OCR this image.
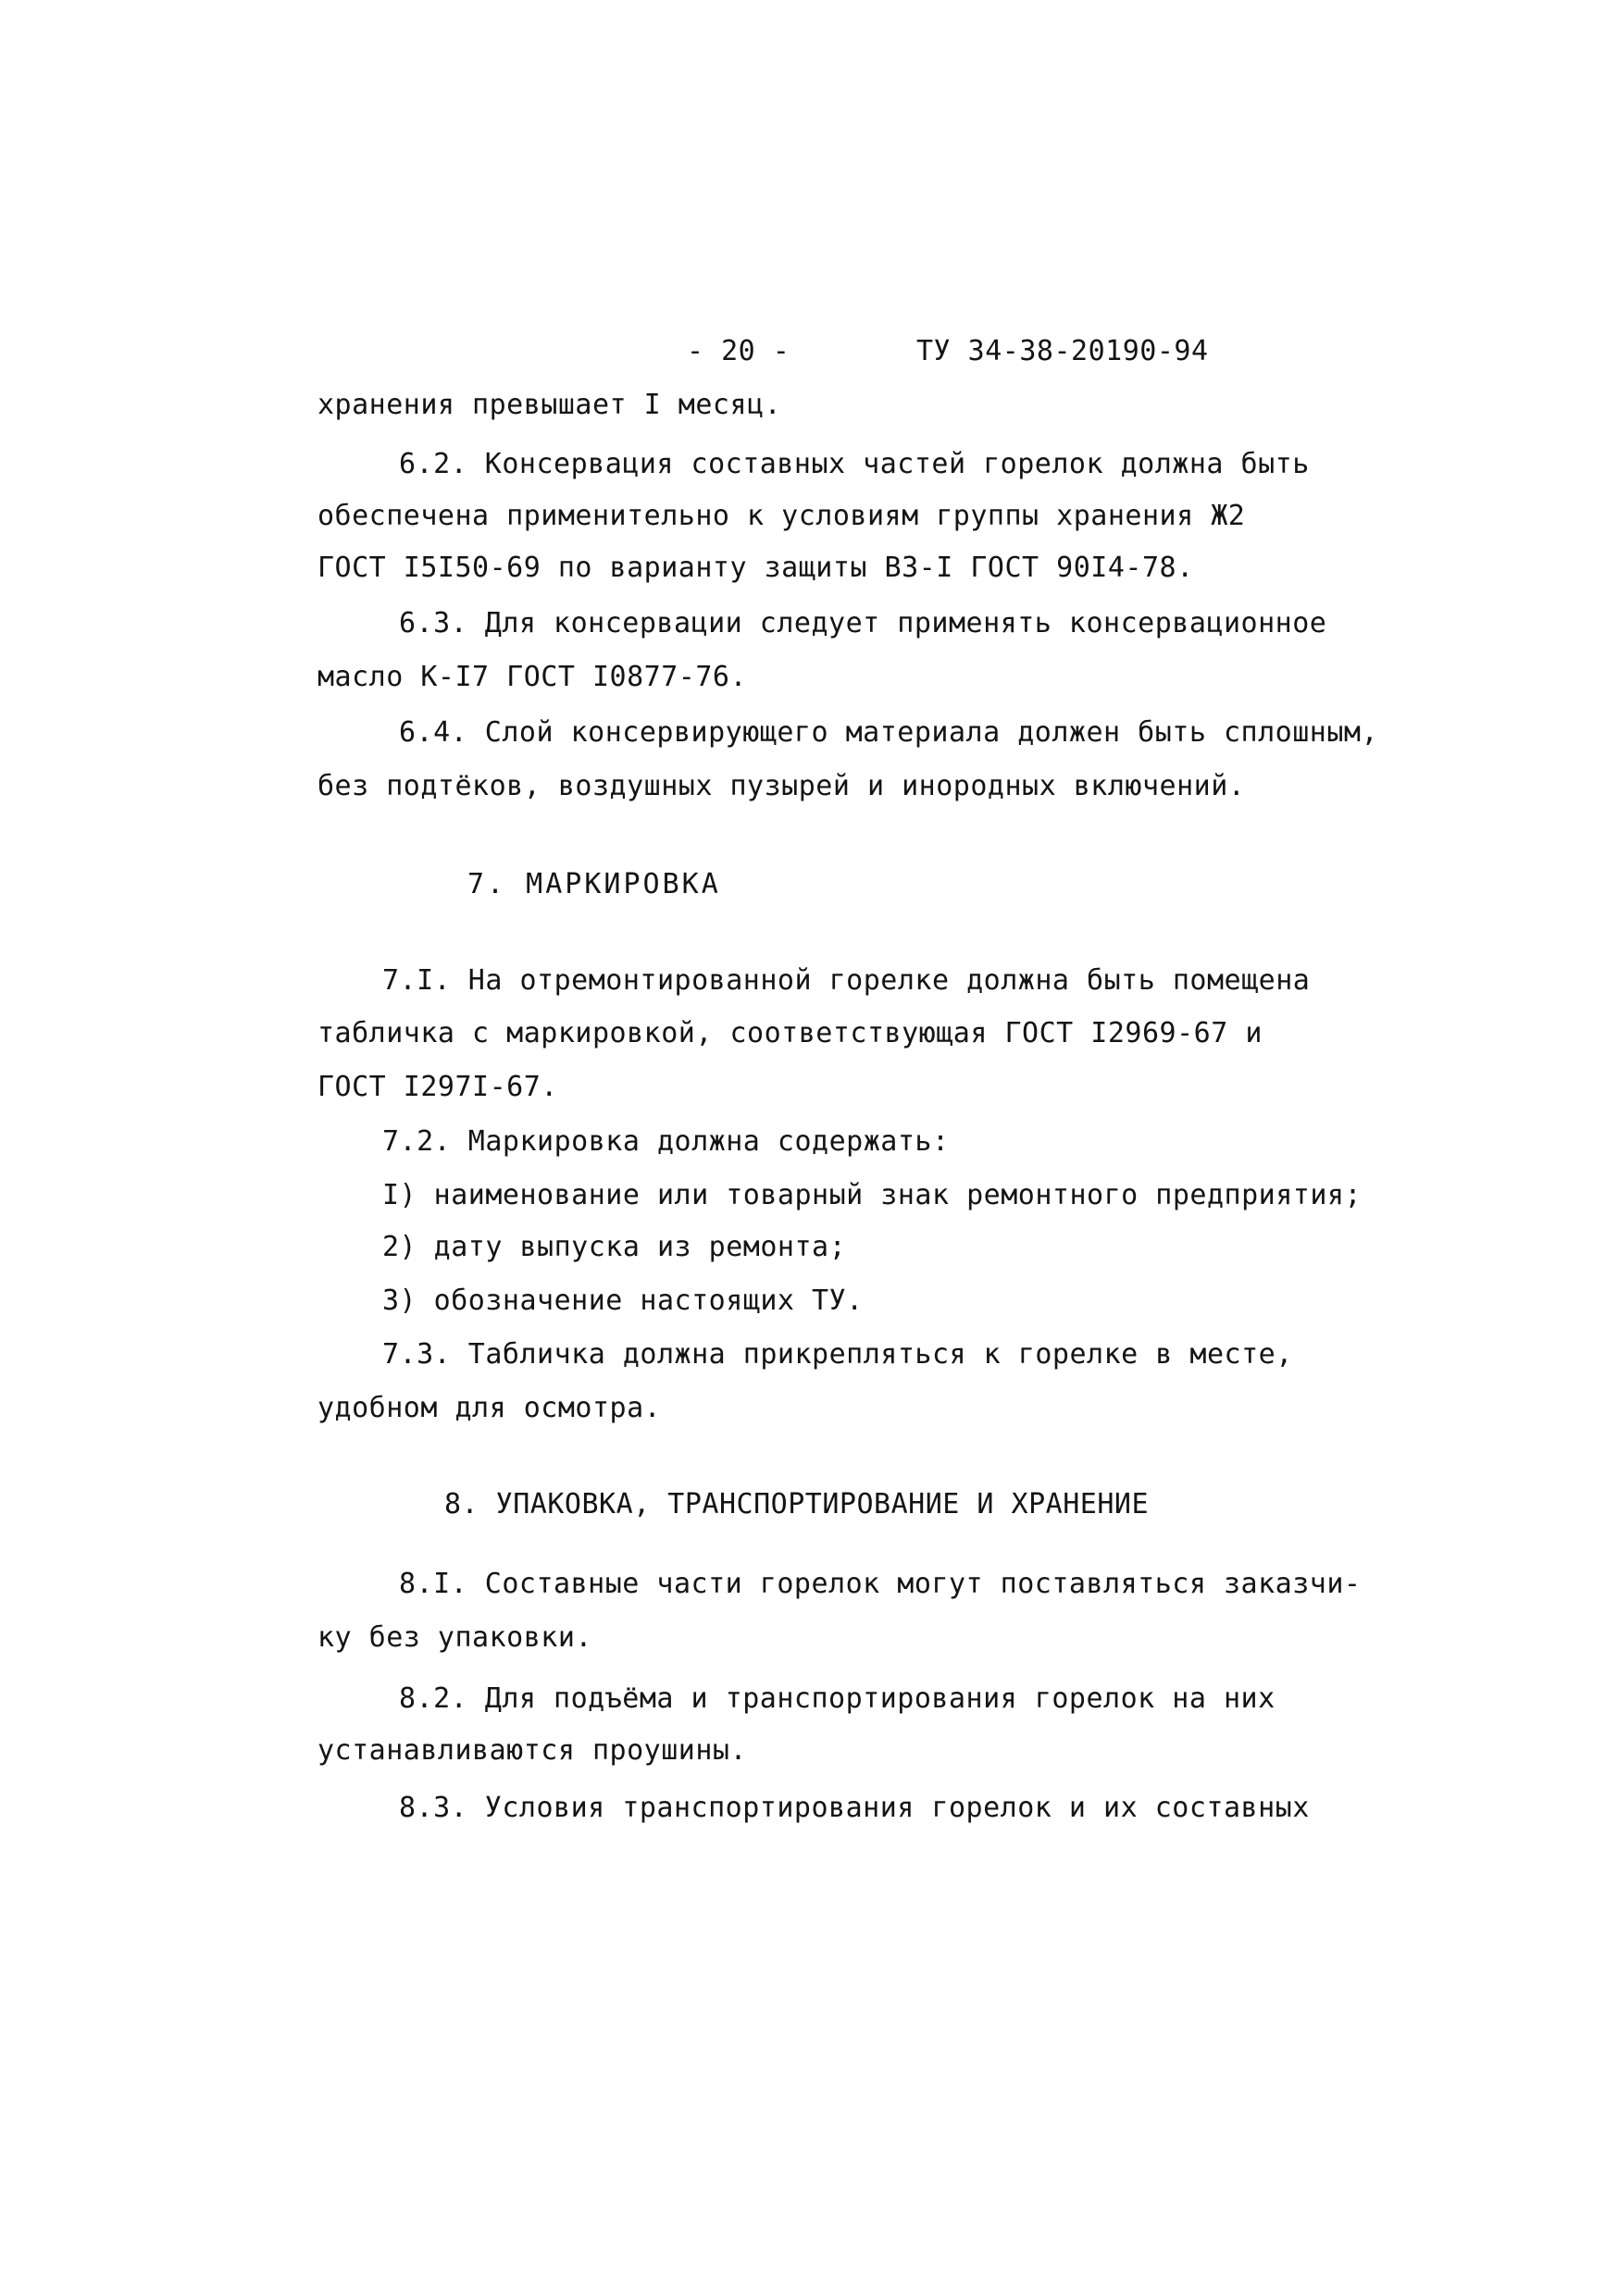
- 20 -	ТУ 34-38-20190-94
хранения превышает I месяц.
6.2. Консервация составных частей горелок должна быть
обеспечена применительно к условиям группы хранения Ж2
ГОСТ I5I50-69 по варианту защиты ВЗ-I ГОСТ 90I4-78.
6.3. Для консервации следует применять консервационное
масло К-I7 ГОСТ I0877-76.
6.4. Слой консервирующего материала должен быть сплошным,
без подтёков, воздушных пузырей и инородных включений.
7. МАРКИРОВКА
7.I. На отремонтированной горелке должна быть помещена
табличка с маркировкой, соответствующая ГОСТ I2969-67 и
ГОСТ I297I-67.
7.2. Маркировка должна содержать:
I) наименование или товарный знак ремонтного предприятия;
2) дату выпуска из ремонта;
3) обозначение настоящих ТУ.
7.3. Табличка должна прикрепляться к горелке в месте,
удобном для осмотра.
8. УПАКОВКА, ТРАНСПОРТИРОВАНИЕ И ХРАНЕНИЕ
8.I. Составные части горелок могут поставляться заказчи-
ку без упаковки.
8.2. Для подъёма и транспортирования горелок на них
устанавливаются проушины.
8.3. Условия транспортирования горелок и их составных
